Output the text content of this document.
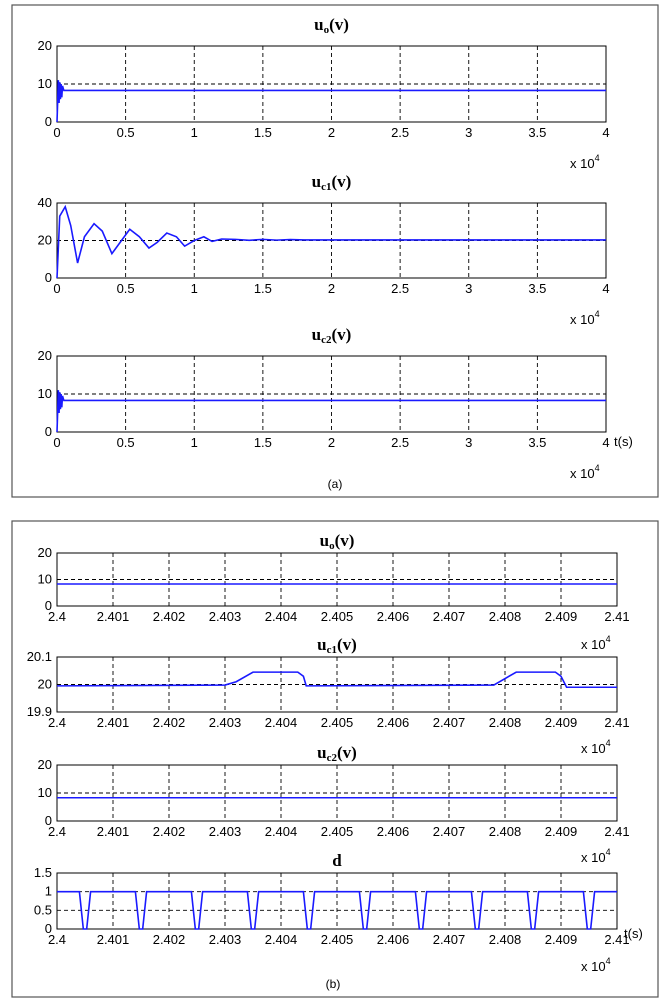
(a)
(b)
0	0.5	1	1.5	2	2.5	3	3.5	4
0
10
20
uo(v)
x $10^4$
0	0.5	1	1.5	2	2.5	3	3.5	4
0
20
40
uc1(v)
x $10^4$
0	0.5	1	1.5	2	2.5	3	3.5	4
0
10
20
uc2(v)
x $10^4$
2.4 2.401 2.402 2.403 2.404 2.405 2.406 2.407 2.408 2.409 2.41
0
10
20
uo(v)
x $10^4$
2.4 2.401 2.402 2.403 2.404 2.405 2.406 2.407 2.408 2.409 2.41
19.9
20
20.1
uc1(v)
x $10^4$
2.4 2.401 2.402 2.403 2.404 2.405 2.406 2.407 2.408 2.409 2.41
0
10
20
uc2(v)
x $10^4$
2.4 2.401 2.402 2.403 2.404 2.405 2.406 2.407 2.408 2.409 2.41
0
0.5
1
1.5
d
x $10^4$
t(s)
t(s)
